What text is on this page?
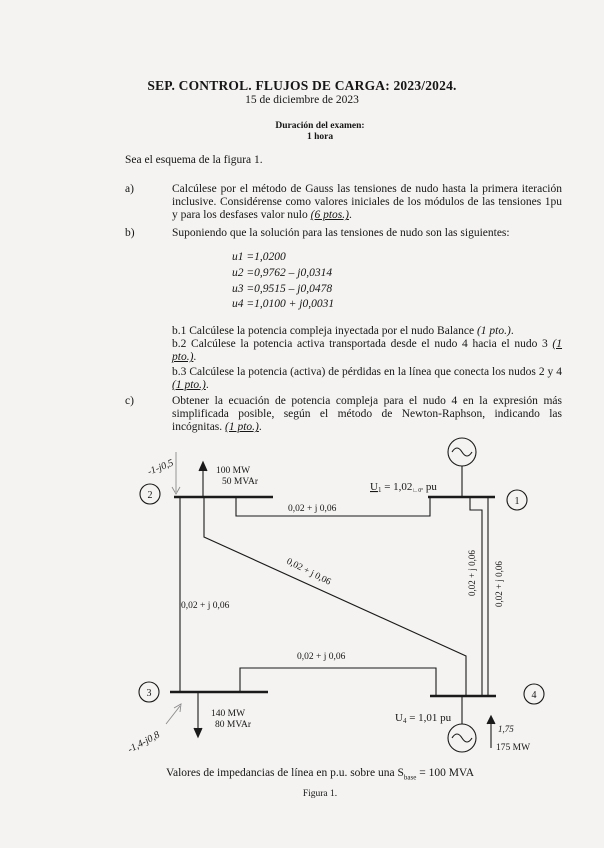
SEP. CONTROL. FLUJOS DE CARGA: 2023/2024.
15 de diciembre de 2023
Duración del examen:
1 hora
Sea el esquema de la figura 1.
a)	Calcúlese por el método de Gauss las tensiones de nudo hasta la primera iteración inclusive. Considérense como valores iniciales de los módulos de las tensiones 1pu y para los desfases valor nulo (6 ptos.).
b)	Suponiendo que la solución para las tensiones de nudo son las siguientes:
u1 =1,0200
u2 =0,9762 – j0,0314
u3 =0,9515 – j0,0478
u4 =1,0100 + j0,0031
b.1 Calcúlese la potencia compleja inyectada por el nudo Balance (1 pto.).
b.2 Calcúlese la potencia activa transportada desde el nudo 4 hacia el nudo 3 (1 pto.).
b.3 Calcúlese la potencia (activa) de pérdidas en la línea que conecta los nudos 2 y 4 (1 pto.).
c)	Obtener la ecuación de potencia compleja para el nudo 4 en la expresión más simplificada posible, según el método de Newton-Raphson, indicando las incógnitas. (1 pto.).
-1-j0,5
-1,4-j0,8
1,75
2
1
3	4
100 MW
50 MVAr
140 MW
80 MVAr
175 MW
U1 = 1,02∟0º pu
U4 = 1,01 pu
0,02 + j 0,06
0,02 + j 0,06
0,02 + j 0,06
0,02 + j 0,06
0,02 + j 0,06 0,02 + j 0,06
Valores de impedancias de línea en p.u. sobre una $S_{base} = 100$ MVA
Figura 1.
